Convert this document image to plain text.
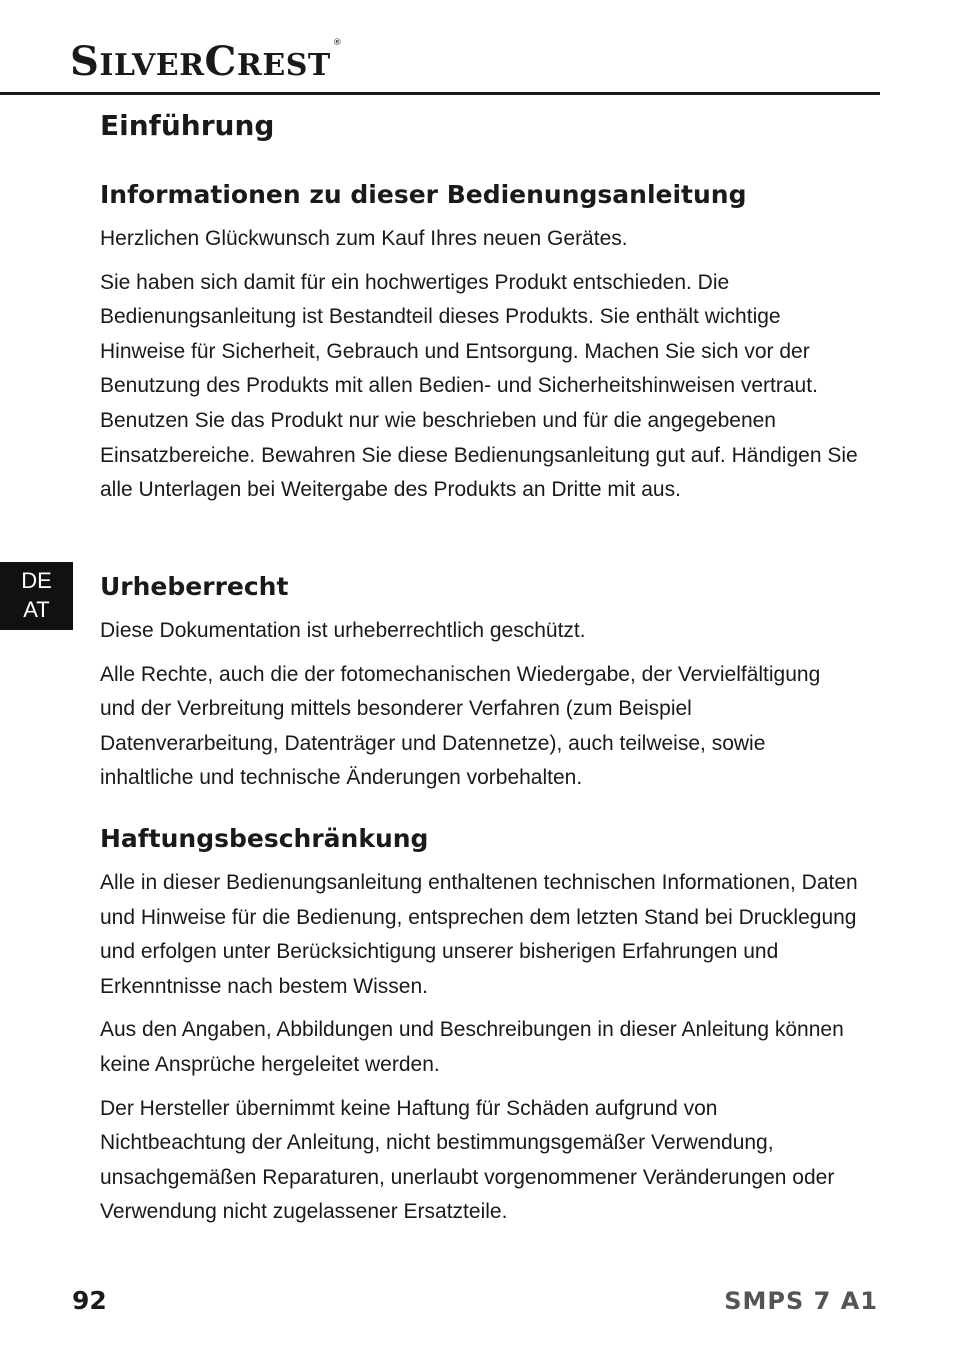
SILVERCREST®
Einführung
Informationen zu dieser Bedienungsanleitung

Herzlichen Glückwunsch zum Kauf Ihres neuen Gerätes.

Sie haben sich damit für ein hochwertiges Produkt entschieden. Die Bedienungsanleitung ist Bestandteil dieses Produkts. Sie enthält wichtige Hinweise für Sicherheit, Gebrauch und Entsorgung. Machen Sie sich vor der Benutzung des Produkts mit allen Bedien- und Sicherheitshinweisen vertraut. Benutzen Sie das Produkt nur wie beschrieben und für die angegebenen Einsatzbereiche. Bewahren Sie diese Bedienungsanleitung gut auf. Händigen Sie alle Unterlagen bei Weitergabe des Produkts an Dritte mit aus.

Urheberrecht

Diese Dokumentation ist urheberrechtlich geschützt.

Alle Rechte, auch die der fotomechanischen Wiedergabe, der Vervielfältigung und der Verbreitung mittels besonderer Verfahren (zum Beispiel Datenverarbeitung, Datenträger und Datennetze), auch teilweise, sowie inhaltliche und technische Änderungen vorbehalten.

Haftungsbeschränkung

Alle in dieser Bedienungsanleitung enthaltenen technischen Informationen, Daten und Hinweise für die Bedienung, entsprechen dem letzten Stand bei Drucklegung und erfolgen unter Berücksichtigung unserer bisherigen Erfahrungen und Erkenntnisse nach bestem Wissen.

Aus den Angaben, Abbildungen und Beschreibungen in dieser Anleitung können keine Ansprüche hergeleitet werden.

Der Hersteller übernimmt keine Haftung für Schäden aufgrund von Nichtbeachtung der Anleitung, nicht bestimmungsgemäßer Verwendung, unsachgemäßen Reparaturen, unerlaubt vorgenommener Veränderungen oder Verwendung nicht zugelassener Ersatzteile.

DE
AT
CH
92	SMPS 7 A1
